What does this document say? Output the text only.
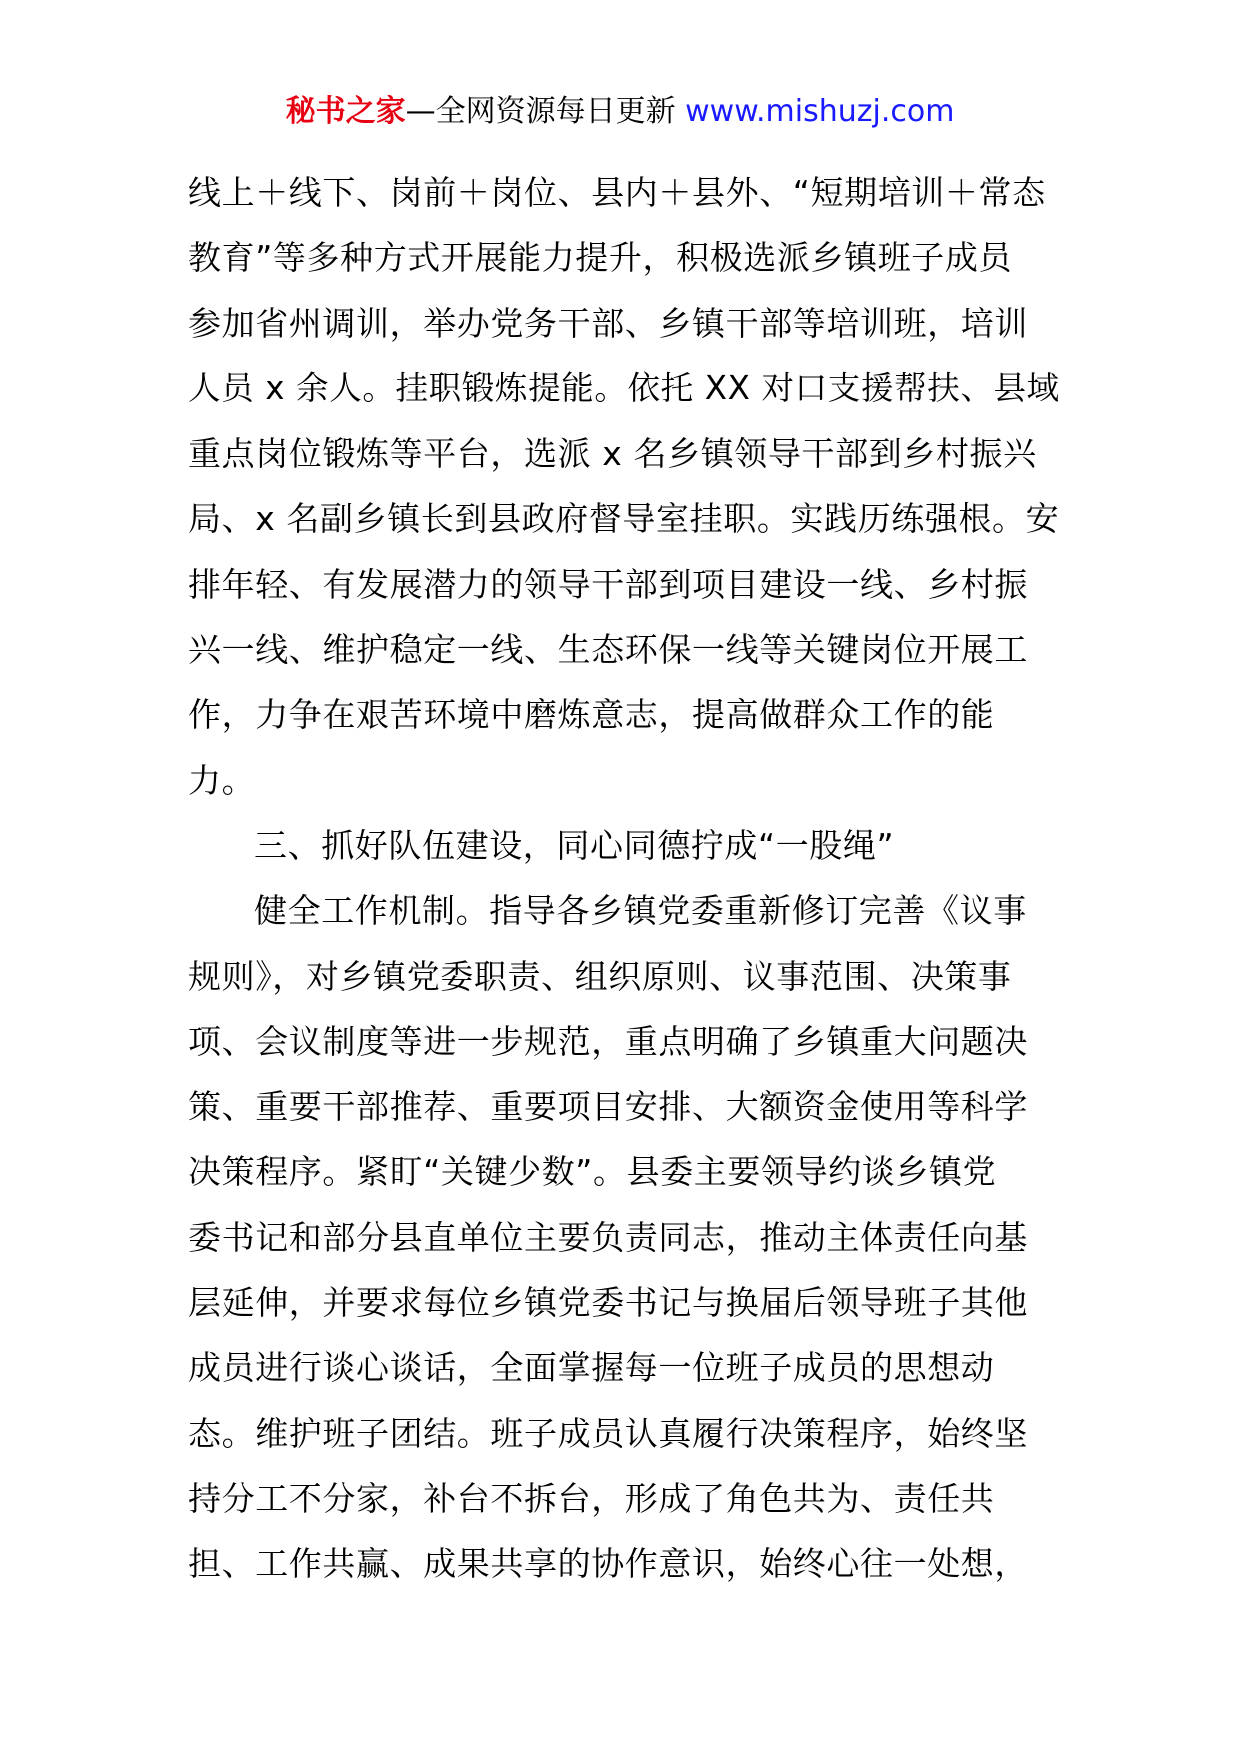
秘书之家—全网资源每日更新 www.mishuzj.com
线上＋线下、岗前＋岗位、县内＋县外、“短期培训＋常态
教育”等多种方式开展能力提升，积极选派乡镇班子成员
参加省州调训，举办党务干部、乡镇干部等培训班，培训
人员 x 余人。挂职锻炼提能。依托 XX 对口支援帮扶、县域
重点岗位锻炼等平台，选派 x 名乡镇领导干部到乡村振兴
局、x 名副乡镇长到县政府督导室挂职。实践历练强根。安
排年轻、有发展潜力的领导干部到项目建设一线、乡村振
兴一线、维护稳定一线、生态环保一线等关键岗位开展工
作，力争在艰苦环境中磨炼意志，提高做群众工作的能
力。
三、抓好队伍建设，同心同德拧成“一股绳”
健全工作机制。指导各乡镇党委重新修订完善《议事
规则》，对乡镇党委职责、组织原则、议事范围、决策事
项、会议制度等进一步规范，重点明确了乡镇重大问题决
策、重要干部推荐、重要项目安排、大额资金使用等科学
决策程序。紧盯“关键少数”。县委主要领导约谈乡镇党
委书记和部分县直单位主要负责同志，推动主体责任向基
层延伸，并要求每位乡镇党委书记与换届后领导班子其他
成员进行谈心谈话，全面掌握每一位班子成员的思想动
态。维护班子团结。班子成员认真履行决策程序，始终坚
持分工不分家，补台不拆台，形成了角色共为、责任共
担、工作共赢、成果共享的协作意识，始终心往一处想，
